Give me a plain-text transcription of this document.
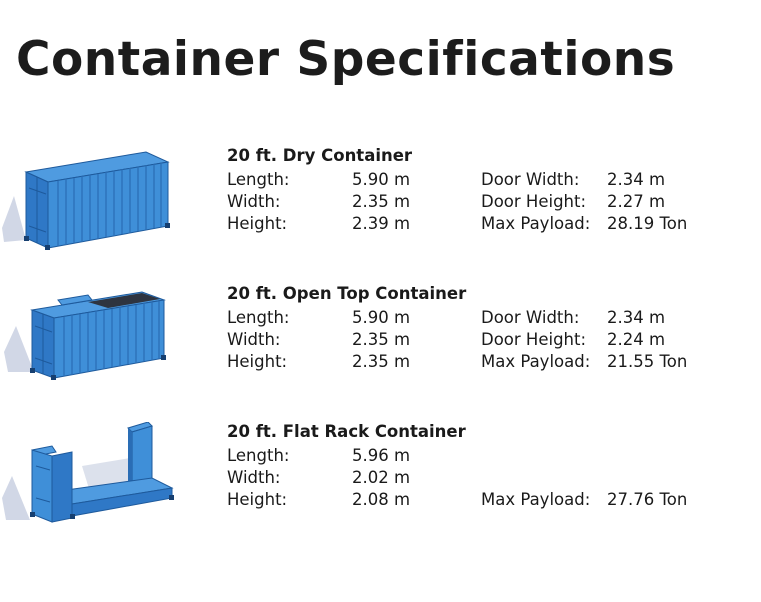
Container Specifications
20 ft. Dry Container
Length:	5.90 m	Door Width: 2.34 m
Width:	2.35 m	Door Height: 2.27 m
Height:	2.39 m	Max Payload: 28.19 Ton
20 ft. Open Top Container
Length:	5.90 m	Door Width: 2.34 m
Width:	2.35 m	Door Height: 2.24 m
Height:	2.35 m	Max Payload: 21.55 Ton
20 ft. Flat Rack Container
Length:	5.96 m
Width:	2.02 m
Height:	2.08 m	Max Payload: 27.76 Ton
